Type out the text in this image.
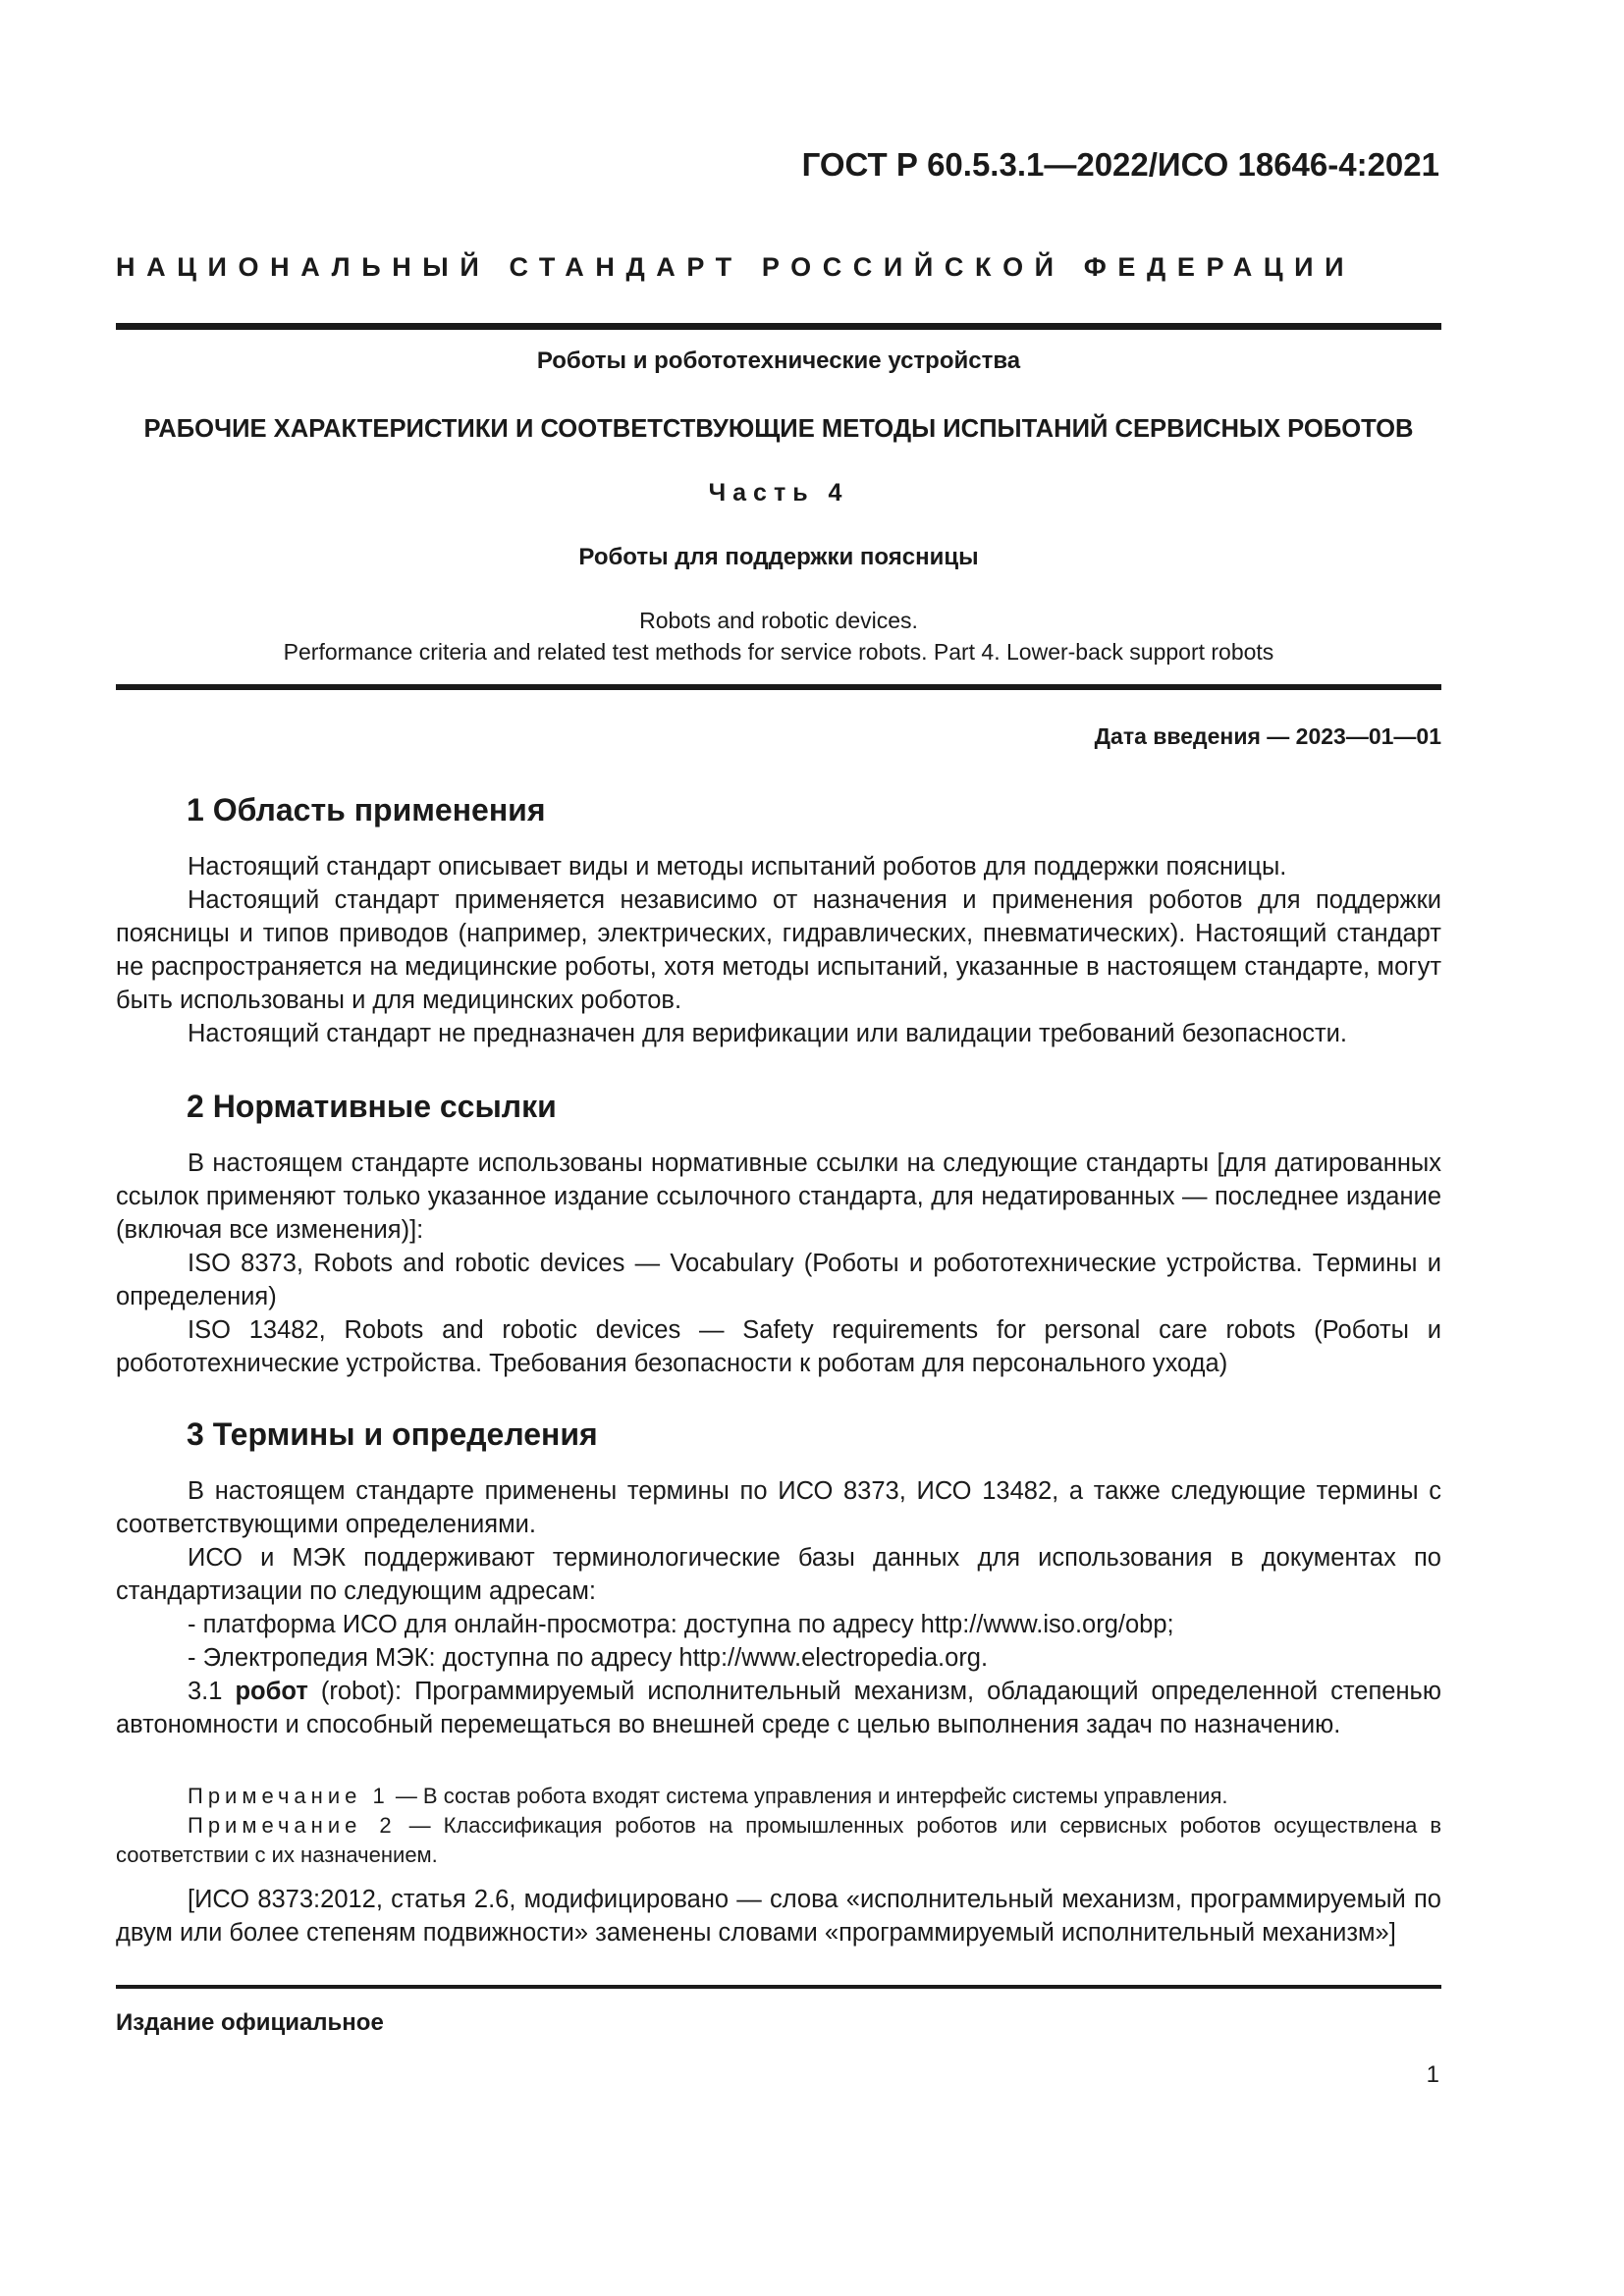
ГОСТ Р 60.5.3.1—2022/ИСО 18646-4:2021
НАЦИОНАЛЬНЫЙ СТАНДАРТ РОССИЙСКОЙ ФЕДЕРАЦИИ
Роботы и робототехнические устройства
РАБОЧИЕ ХАРАКТЕРИСТИКИ И СООТВЕТСТВУЮЩИЕ МЕТОДЫ ИСПЫТАНИЙ СЕРВИСНЫХ РОБОТОВ
Часть 4
Роботы для поддержки поясницы
Robots and robotic devices.
Performance criteria and related test methods for service robots. Part 4. Lower-back support robots
Дата введения — 2023—01—01
1 Область применения
Настоящий стандарт описывает виды и методы испытаний роботов для поддержки поясницы.
Настоящий стандарт применяется независимо от назначения и применения роботов для поддержки поясницы и типов приводов (например, электрических, гидравлических, пневматических). Настоящий стандарт не распространяется на медицинские роботы, хотя методы испытаний, указанные в настоящем стандарте, могут быть использованы и для медицинских роботов.
Настоящий стандарт не предназначен для верификации или валидации требований безопасности.
2 Нормативные ссылки
В настоящем стандарте использованы нормативные ссылки на следующие стандарты [для датированных ссылок применяют только указанное издание ссылочного стандарта, для недатированных — последнее издание (включая все изменения)]:
ISO 8373, Robots and robotic devices — Vocabulary (Роботы и робототехнические устройства. Термины и определения)
ISO 13482, Robots and robotic devices — Safety requirements for personal care robots (Роботы и робототехнические устройства. Требования безопасности к роботам для персонального ухода)
3 Термины и определения
В настоящем стандарте применены термины по ИСО 8373, ИСО 13482, а также следующие термины с соответствующими определениями.
ИСО и МЭК поддерживают терминологические базы данных для использования в документах по стандартизации по следующим адресам:
- платформа ИСО для онлайн-просмотра: доступна по адресу http://www.iso.org/obp;
- Электропедия МЭК: доступна по адресу http://www.electropedia.org.
3.1 робот (robot): Программируемый исполнительный механизм, обладающий определенной степенью автономности и способный перемещаться во внешней среде с целью выполнения задач по назначению.
Примечание 1 — В состав робота входят система управления и интерфейс системы управления.
Примечание 2 — Классификация роботов на промышленных роботов или сервисных роботов осуществлена в соответствии с их назначением.
[ИСО 8373:2012, статья 2.6, модифицировано — слова «исполнительный механизм, программируемый по двум или более степеням подвижности» заменены словами «программируемый исполнительный механизм»]
Издание официальное
1
